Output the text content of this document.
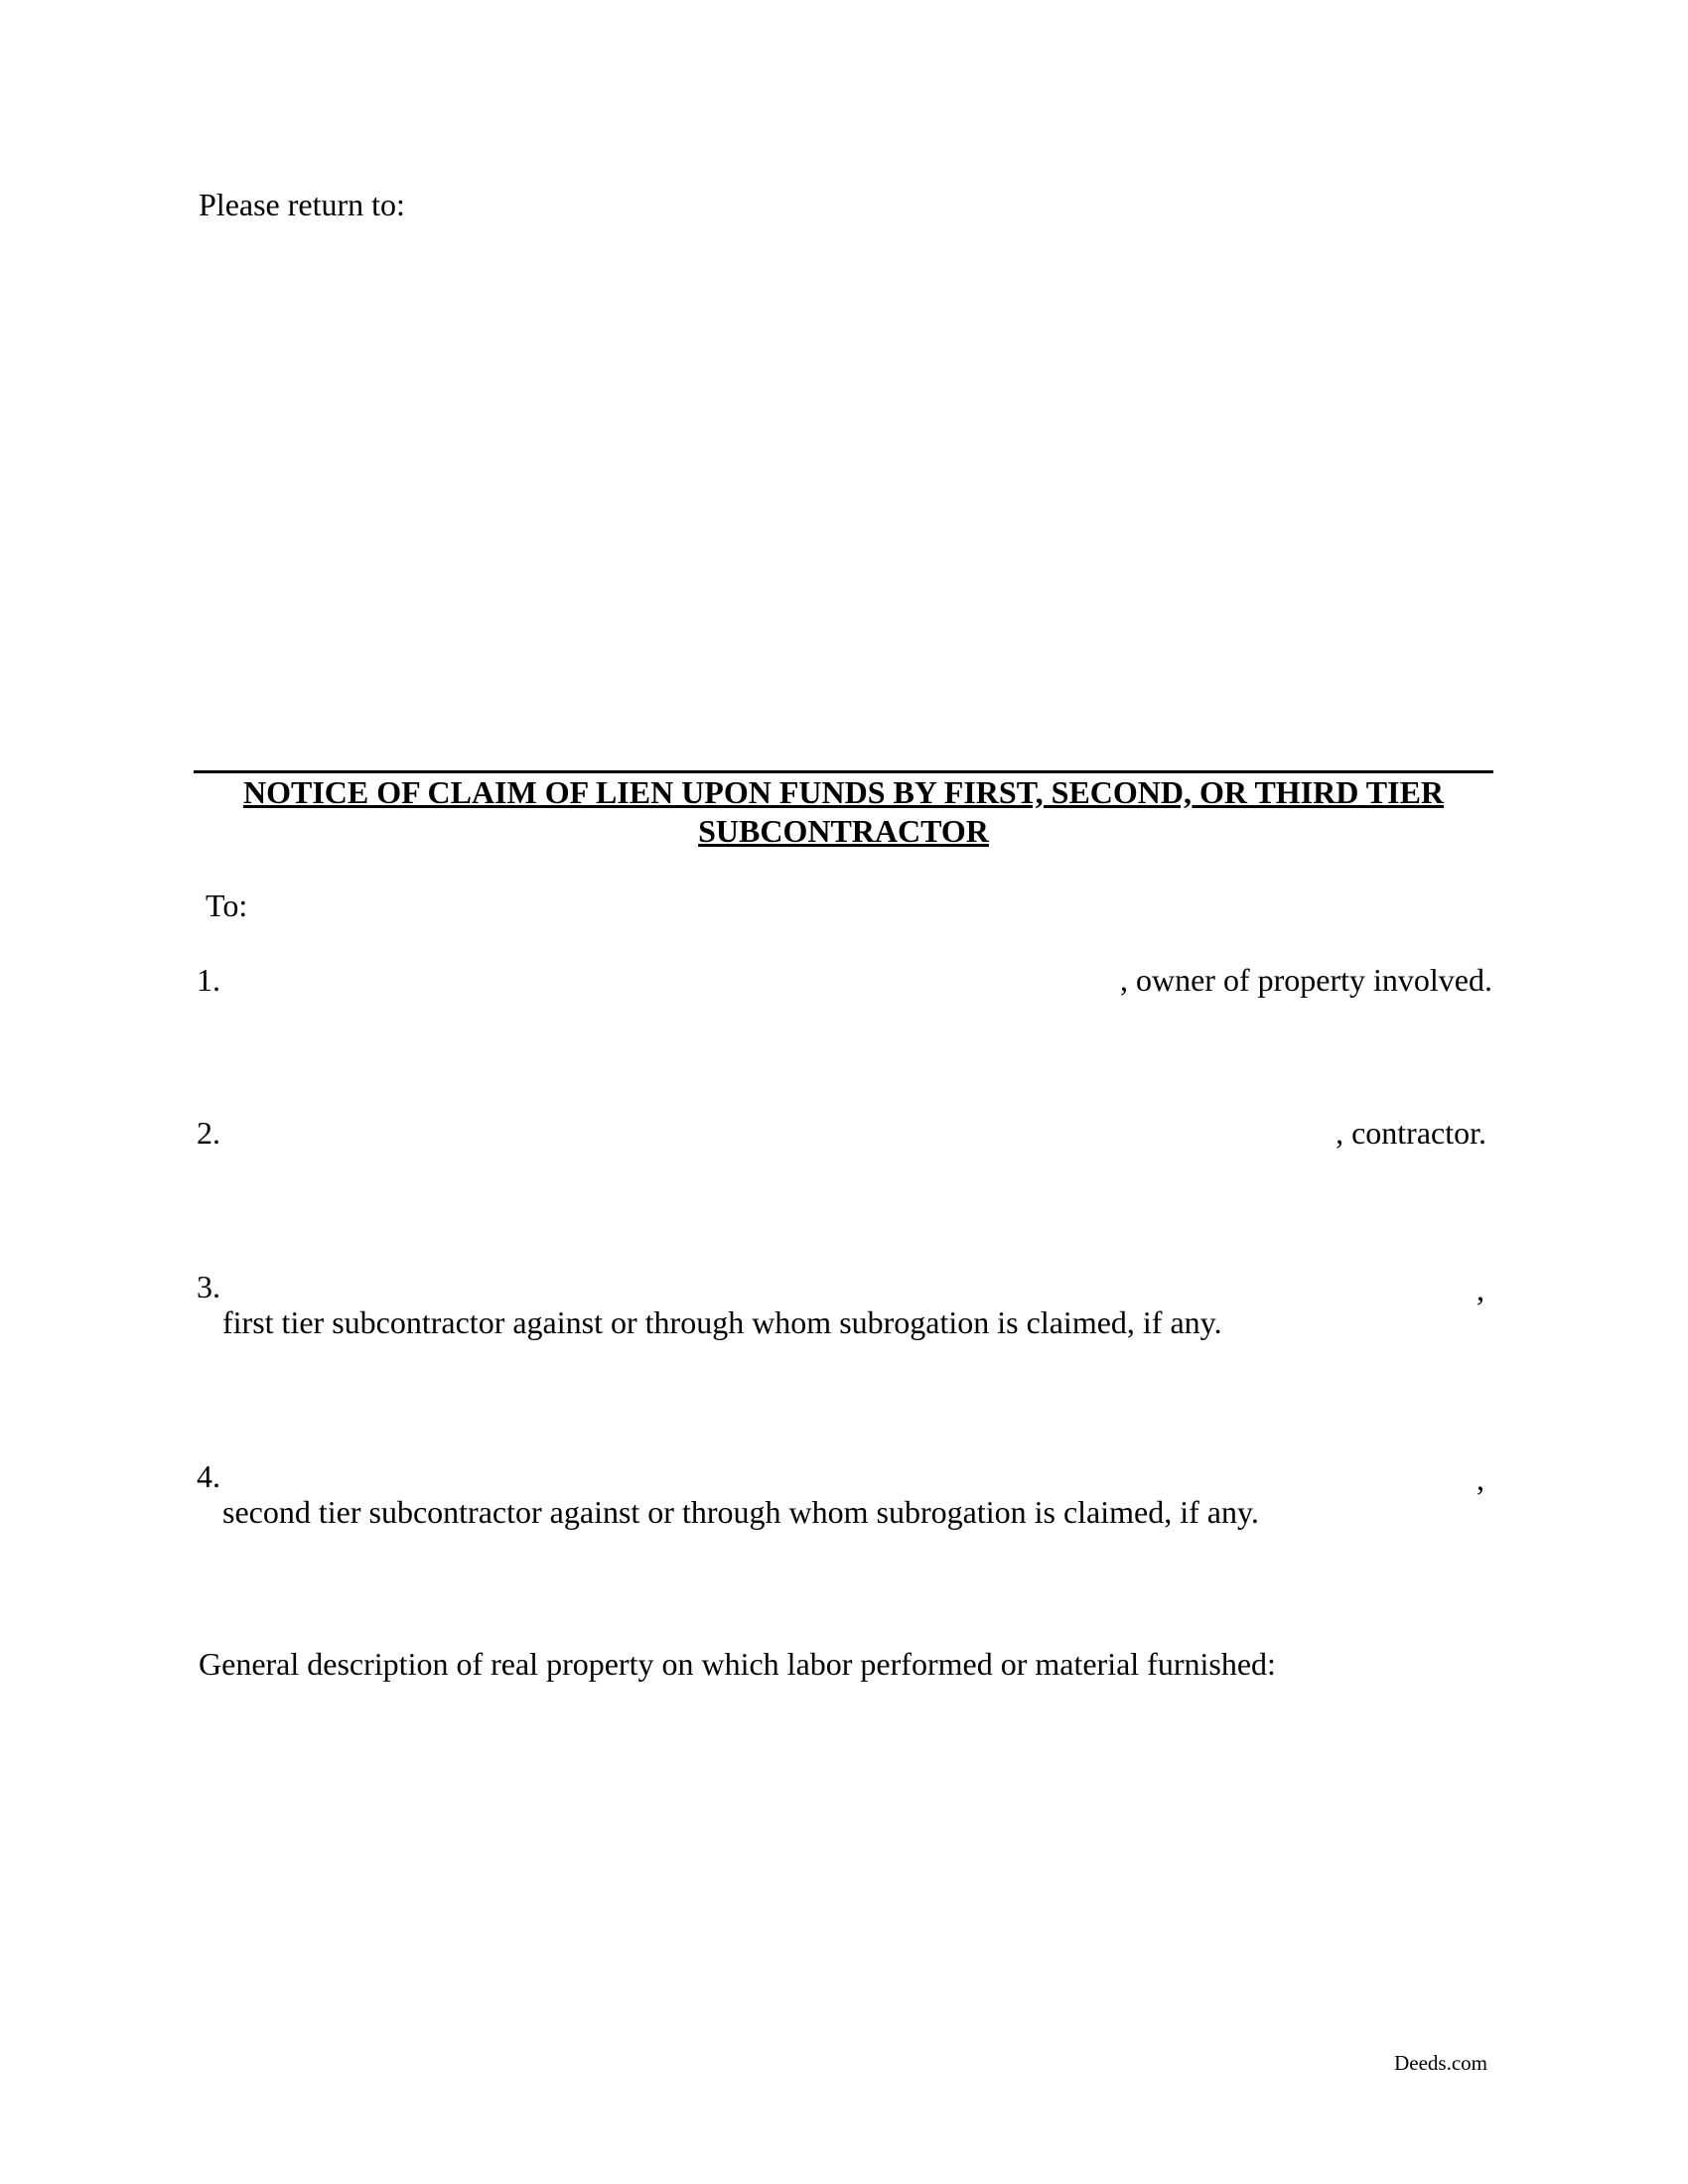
Please return to:
NOTICE OF CLAIM OF LIEN UPON FUNDS BY FIRST, SECOND, OR THIRD TIER
SUBCONTRACTOR
To:
1.	, owner of property involved.
2.	, contractor.
3.	,
first tier subcontractor against or through whom subrogation is claimed, if any.
4.	,
second tier subcontractor against or through whom subrogation is claimed, if any.
General description of real property on which labor performed or material furnished:
Deeds.com
